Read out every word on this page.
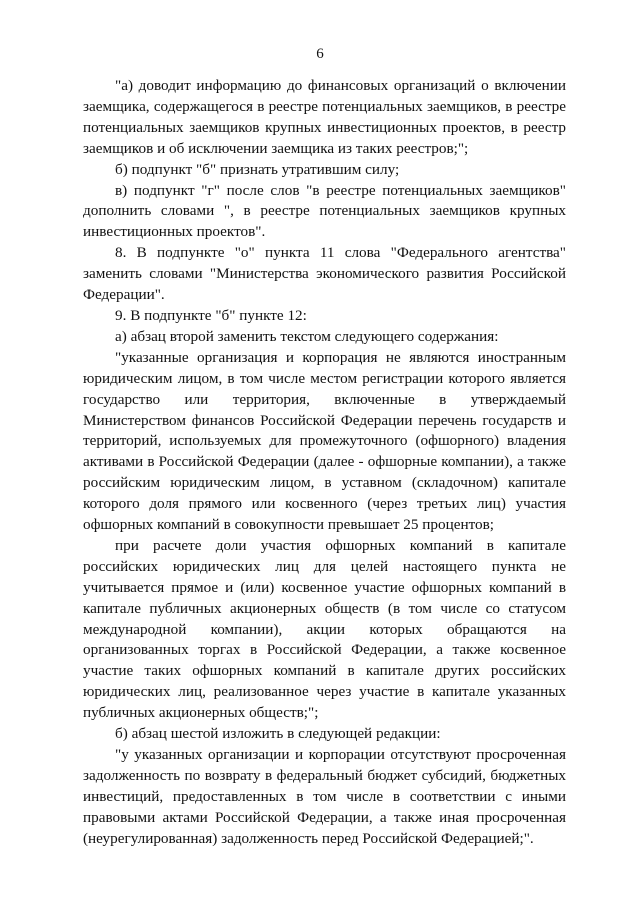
6

"а) доводит информацию до финансовых организаций о включении заемщика, содержащегося в реестре потенциальных заемщиков, в реестре потенциальных заемщиков крупных инвестиционных проектов, в реестр заемщиков и об исключении заемщика из таких реестров;";

б) подпункт "б" признать утратившим силу;

в) подпункт "г" после слов "в реестре потенциальных заемщиков" дополнить словами ", в реестре потенциальных заемщиков крупных инвестиционных проектов".

8. В подпункте "о" пункта 11 слова "Федерального агентства" заменить словами "Министерства экономического развития Российской Федерации".

9. В подпункте "б" пункте 12:

а) абзац второй заменить текстом следующего содержания:

"указанные организация и корпорация не являются иностранным юридическим лицом, в том числе местом регистрации которого является государство или территория, включенные в утверждаемый Министерством финансов Российской Федерации перечень государств и территорий, используемых для промежуточного (офшорного) владения активами в Российской Федерации (далее - офшорные компании), а также российским юридическим лицом, в уставном (складочном) капитале которого доля прямого или косвенного (через третьих лиц) участия офшорных компаний в совокупности превышает 25 процентов;

при расчете доли участия офшорных компаний в капитале российских юридических лиц для целей настоящего пункта не учитывается прямое и (или) косвенное участие офшорных компаний в капитале публичных акционерных обществ (в том числе со статусом международной компании), акции которых обращаются на организованных торгах в Российской Федерации, а также косвенное участие таких офшорных компаний в капитале других российских юридических лиц, реализованное через участие в капитале указанных публичных акционерных обществ;";

б) абзац шестой изложить в следующей редакции:

"у указанных организации и корпорации отсутствуют просроченная задолженность по возврату в федеральный бюджет субсидий, бюджетных инвестиций, предоставленных в том числе в соответствии с иными правовыми актами Российской Федерации, а также иная просроченная (неурегулированная) задолженность перед Российской Федерацией;".
